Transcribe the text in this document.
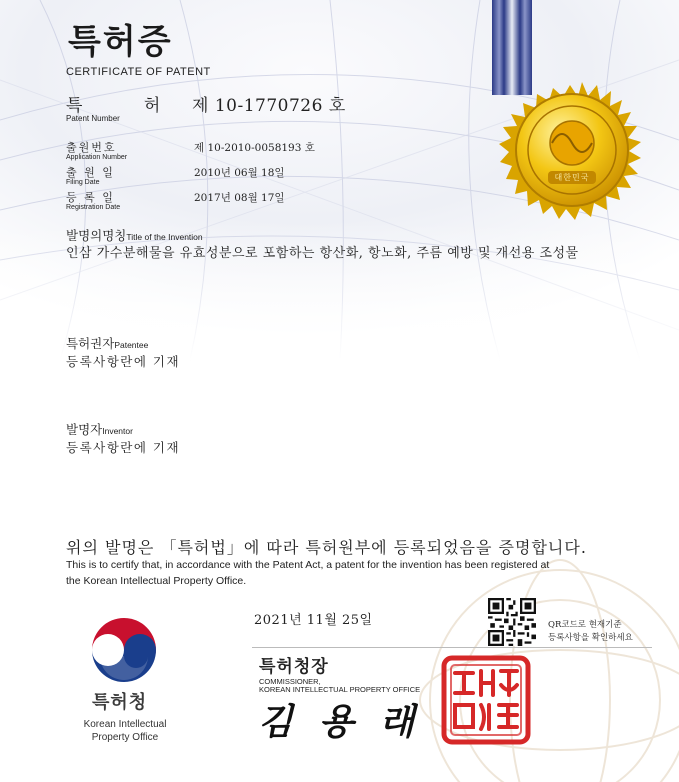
대한민국
특허증
CERTIFICATE OF PATENT
특 허
Patent Number
제 10-1770726 호
출원번호
Application Number
제 10-2010-0058193 호
출 원 일
Filing Date
2010년 06월 18일
등 록 일
Registration Date
2017년 08월 17일
발명의명칭Title of the Invention
인삼 가수분해물을 유효성분으로 포함하는 항산화, 항노화, 주름 예방 및 개선용 조성물
특허권자Patentee
등록사항란에 기재
발명자Inventor
등록사항란에 기재
위의 발명은 「특허법」에 따라 특허원부에 등록되었음을 증명합니다.
This is to certify that, in accordance with the Patent Act, a patent for the invention has been registered at
the Korean Intellectual Property Office.
2021년 11월 25일	QR코드로 현재기준
등록사항을 확인하세요
특허청장
COMMISSIONER,
KOREAN INTELLECTUAL PROPERTY OFFICE
김 용 래
특허청
Korean Intellectual Property Office
